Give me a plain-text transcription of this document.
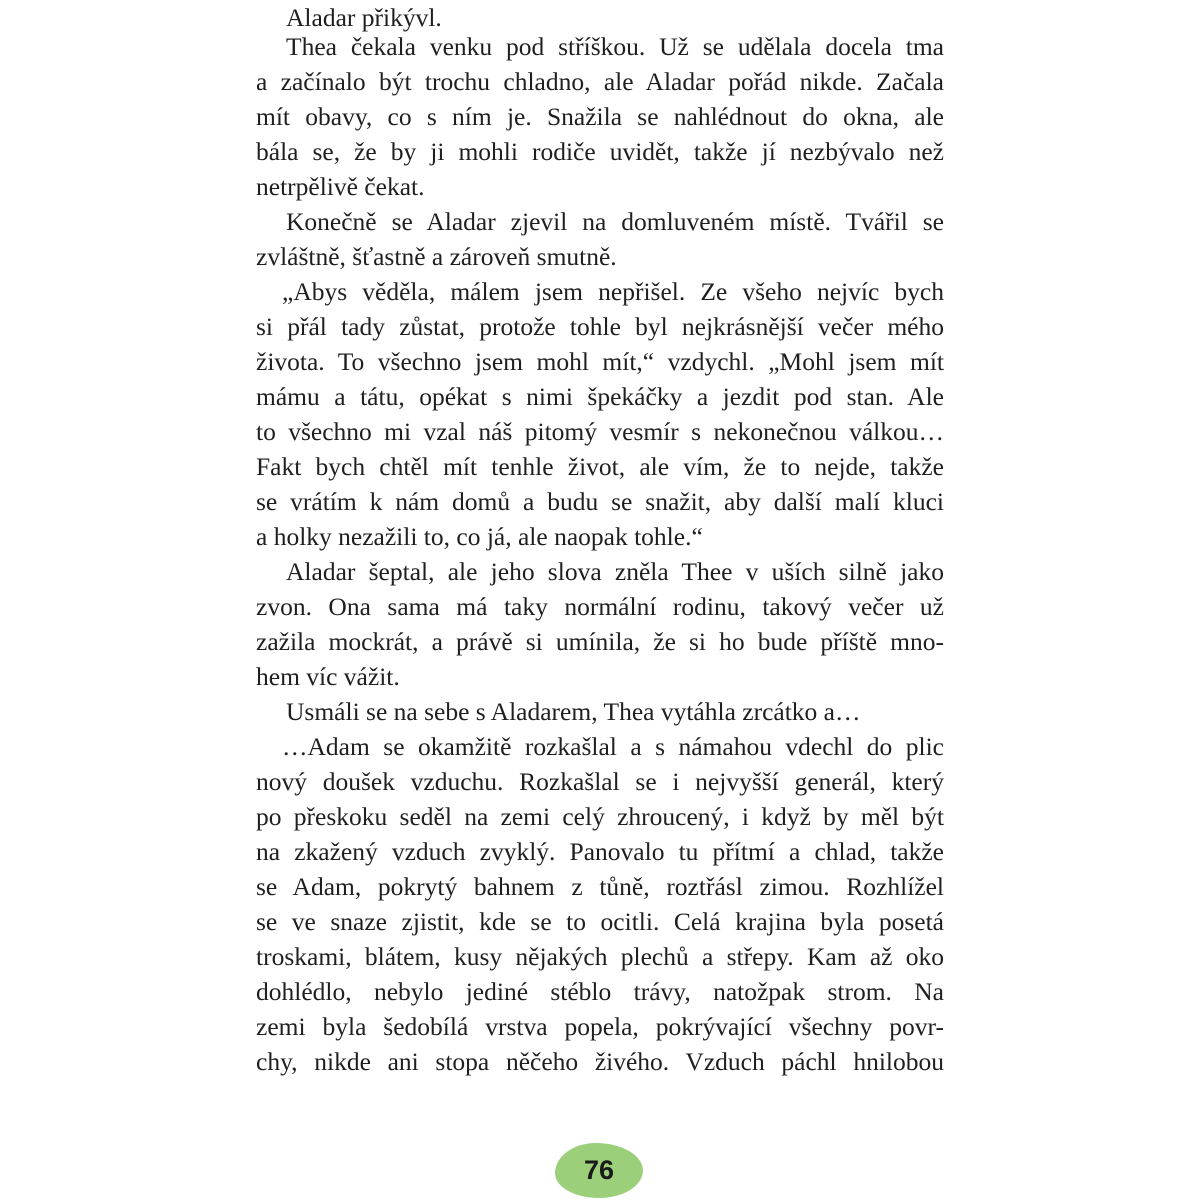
Aladar přikývl.
Thea čekala venku pod stříškou. Už se udělala docela tma
a začínalo být trochu chladno, ale Aladar pořád nikde. Začala
mít obavy, co s ním je. Snažila se nahlédnout do okna, ale
bála se, že by ji mohli rodiče uvidět, takže jí nezbývalo než
netrpělivě čekat.
Konečně se Aladar zjevil na domluveném místě. Tvářil se
zvláštně, šťastně a zároveň smutně.
„Abys věděla, málem jsem nepřišel. Ze všeho nejvíc bych
si přál tady zůstat, protože tohle byl nejkrásnější večer mého
života. To všechno jsem mohl mít,“ vzdychl. „Mohl jsem mít
mámu a tátu, opékat s nimi špekáčky a jezdit pod stan. Ale
to všechno mi vzal náš pitomý vesmír s nekonečnou válkou…
Fakt bych chtěl mít tenhle život, ale vím, že to nejde, takže
se vrátím k nám domů a budu se snažit, aby další malí kluci
a holky nezažili to, co já, ale naopak tohle.“
Aladar šeptal, ale jeho slova zněla Thee v uších silně jako
zvon. Ona sama má taky normální rodinu, takový večer už
zažila mockrát, a právě si umínila, že si ho bude příště mno-
hem víc vážit.
Usmáli se na sebe s Aladarem, Thea vytáhla zrcátko a…
…Adam se okamžitě rozkašlal a s námahou vdechl do plic
nový doušek vzduchu. Rozkašlal se i nejvyšší generál, který
po přeskoku seděl na zemi celý zhroucený, i když by měl být
na zkažený vzduch zvyklý. Panovalo tu přítmí a chlad, takže
se Adam, pokrytý bahnem z tůně, roztřásl zimou. Rozhlížel
se ve snaze zjistit, kde se to ocitli. Celá krajina byla posetá
troskami, blátem, kusy nějakých plechů a střepy. Kam až oko
dohlédlo, nebylo jediné stéblo trávy, natožpak strom. Na
zemi byla šedobílá vrstva popela, pokrývající všechny povr-
chy, nikde ani stopa něčeho živého. Vzduch páchl hnilobou
76
